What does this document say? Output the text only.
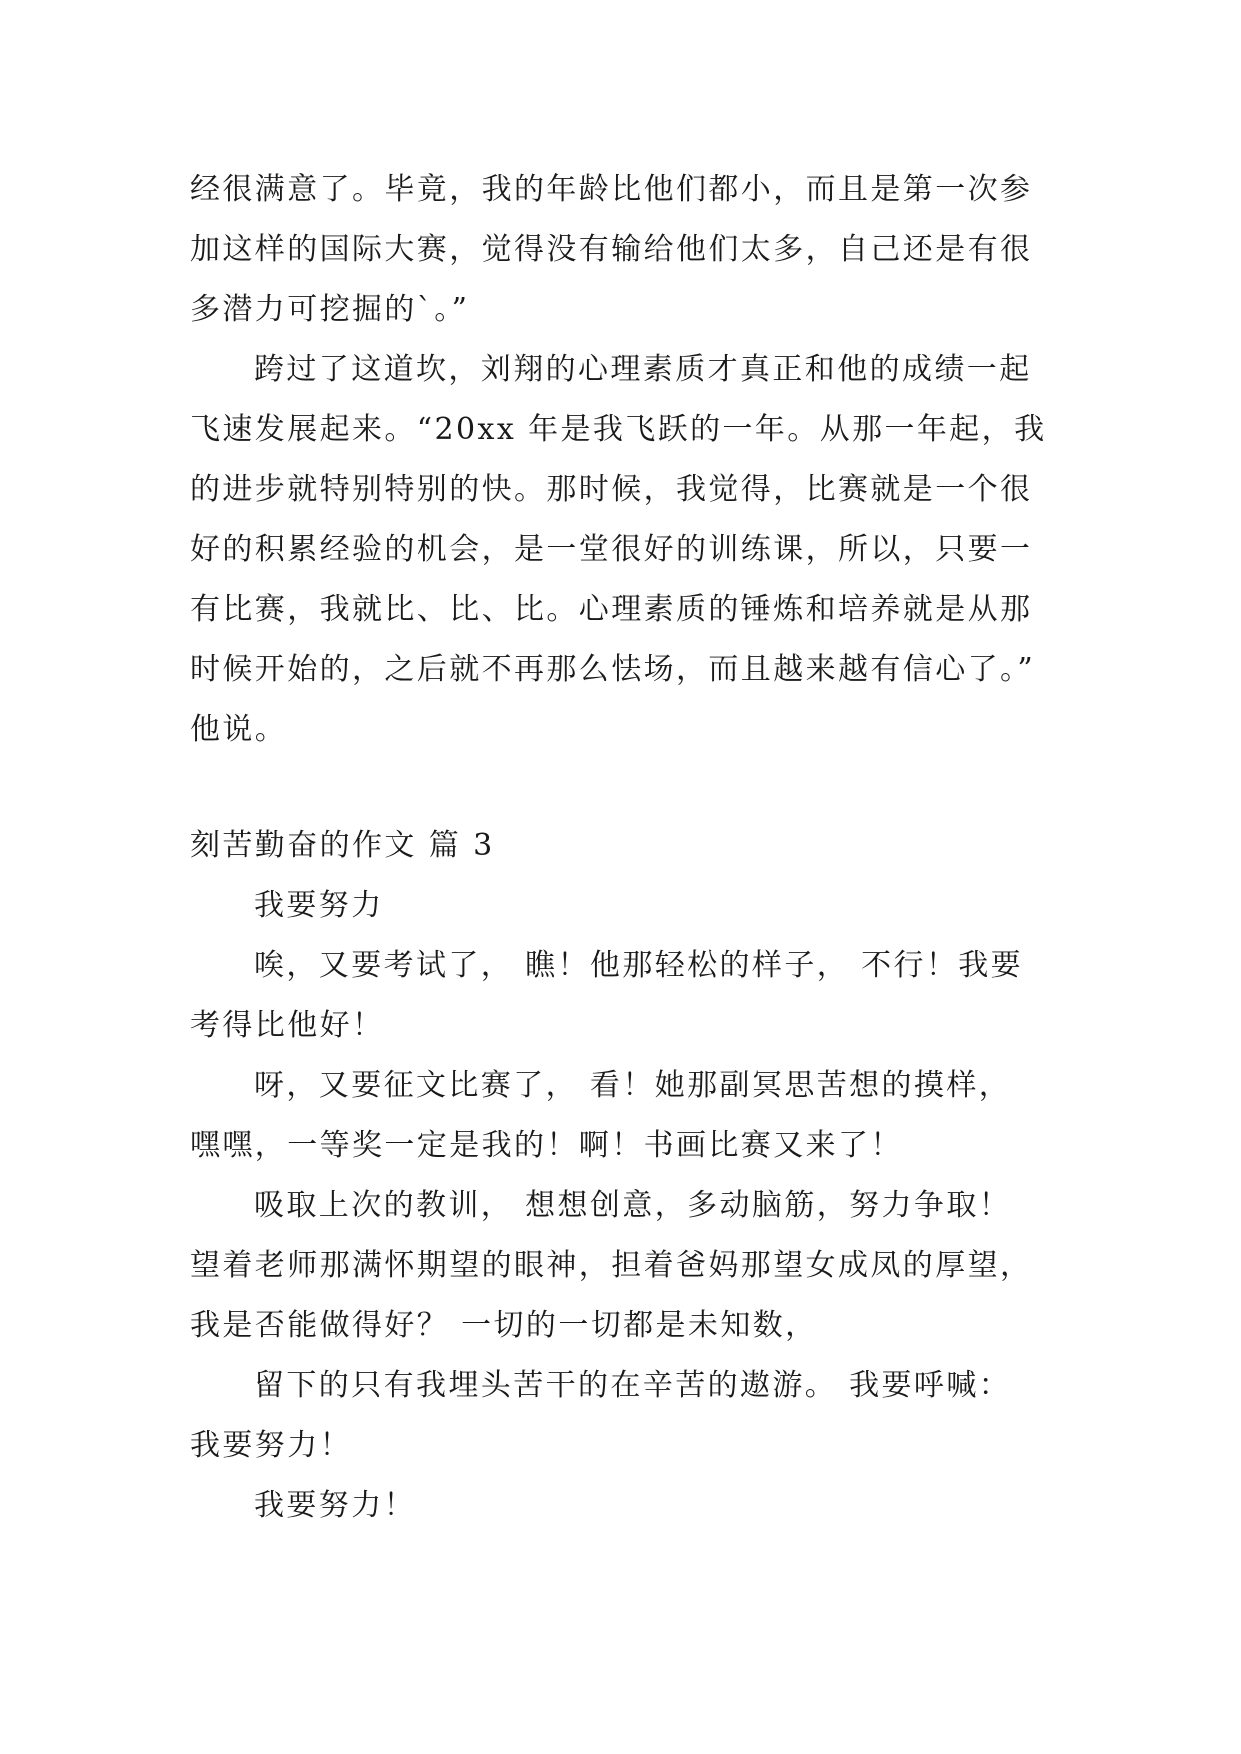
经很满意了。毕竟，我的年龄比他们都小，而且是第一次参
加这样的国际大赛，觉得没有输给他们太多，自己还是有很
多潜力可挖掘的`。”
跨过了这道坎，刘翔的心理素质才真正和他的成绩一起
飞速发展起来。“20xx 年是我飞跃的一年。从那一年起，我
的进步就特别特别的快。那时候，我觉得，比赛就是一个很
好的积累经验的机会，是一堂很好的训练课，所以，只要一
有比赛，我就比、比、比。心理素质的锤炼和培养就是从那
时候开始的，之后就不再那么怯场，而且越来越有信心了。”
他说。
刻苦勤奋的作文 篇 3
我要努力
唉，又要考试了， 瞧！他那轻松的样子， 不行！我要
考得比他好！
呀，又要征文比赛了， 看！她那副冥思苦想的摸样，
嘿嘿，一等奖一定是我的！啊！书画比赛又来了！
吸取上次的教训， 想想创意，多动脑筋，努力争取！
望着老师那满怀期望的眼神，担着爸妈那望女成凤的厚望，
我是否能做得好？ 一切的一切都是未知数，
留下的只有我埋头苦干的在辛苦的遨游。 我要呼喊：
我要努力！
我要努力！
